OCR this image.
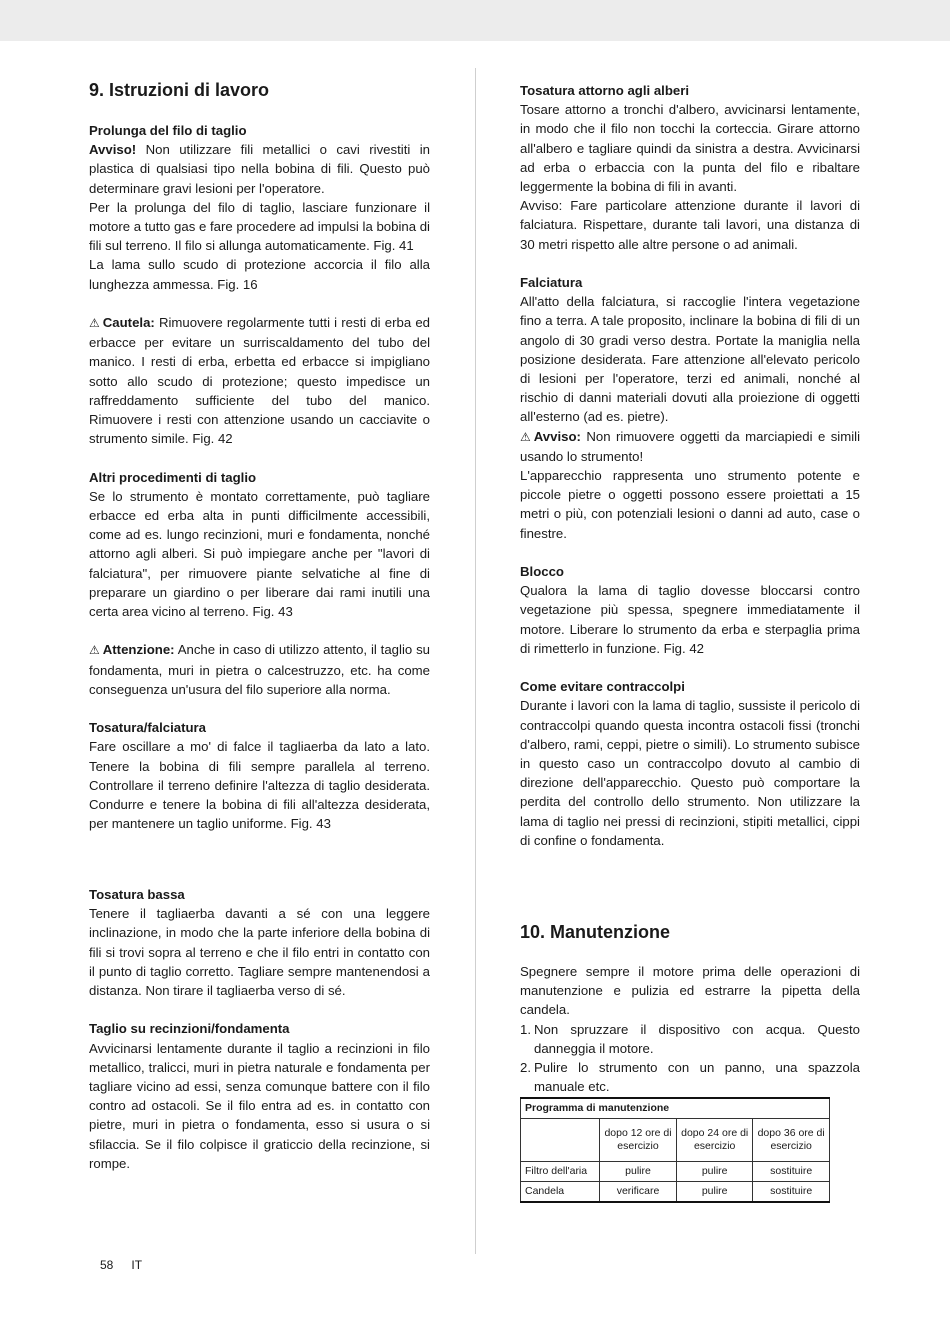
9. Istruzioni di lavoro

Prolunga del filo di taglio

Avviso! Non utilizzare fili metallici o cavi rivestiti in plastica di qualsiasi tipo nella bobina di fili. Questo può determinare gravi lesioni per l'operatore.

Per la prolunga del filo di taglio, lasciare funzionare il motore a tutto gas e fare procedere ad impulsi la bobina di fili sul terreno. Il filo si allunga automaticamente. Fig. 41

La lama sullo scudo di protezione accorcia il filo alla lunghezza ammessa. Fig. 16

⚠ Cautela: Rimuovere regolarmente tutti i resti di erba ed erbacce per evitare un surriscaldamento del tubo del manico. I resti di erba, erbetta ed erbacce si impigliano sotto allo scudo di protezione; questo impedisce un raffreddamento sufficiente del tubo del manico. Rimuovere i resti con attenzione usando un cacciavite o strumento simile. Fig. 42

Altri procedimenti di taglio

Se lo strumento è montato correttamente, può tagliare erbacce ed erba alta in punti difficilmente accessibili, come ad es. lungo recinzioni, muri e fondamenta, nonché attorno agli alberi. Si può impiegare anche per "lavori di falciatura", per rimuovere piante selvatiche al fine di preparare un giardino o per liberare dai rami inutili una certa area vicino al terreno. Fig. 43

⚠ Attenzione: Anche in caso di utilizzo attento, il taglio su fondamenta, muri in pietra o calcestruzzo, etc. ha come conseguenza un'usura del filo superiore alla norma.

Tosatura/falciatura

Fare oscillare a mo' di falce il tagliaerba da lato a lato. Tenere la bobina di fili sempre parallela al terreno. Controllare il terreno definire l'altezza di taglio desiderata. Condurre e tenere la bobina di fili all'altezza desiderata, per mantenere un taglio uniforme. Fig. 43

Tosatura bassa

Tenere il tagliaerba davanti a sé con una leggere inclinazione, in modo che la parte inferiore della bobina di fili si trovi sopra al terreno e che il filo entri in contatto con il punto di taglio corretto. Tagliare sempre mantenendosi a distanza. Non tirare il tagliaerba verso di sé.

Taglio su recinzioni/fondamenta

Avvicinarsi lentamente durante il taglio a recinzioni in filo metallico, tralicci, muri in pietra naturale e fondamenta per tagliare vicino ad essi, senza comunque battere con il filo contro ad ostacoli. Se il filo entra ad es. in contatto con pietre, muri in pietra o fondamenta, esso si usura o si sfilaccia. Se il filo colpisce il graticcio della recinzione, si rompe.

Tosatura attorno agli alberi

Tosare attorno a tronchi d'albero, avvicinarsi lentamente, in modo che il filo non tocchi la corteccia. Girare attorno all'albero e tagliare quindi da sinistra a destra. Avvicinarsi ad erba o erbaccia con la punta del filo e ribaltare leggermente la bobina di fili in avanti.

Avviso: Fare particolare attenzione durante il lavori di falciatura. Rispettare, durante tali lavori, una distanza di 30 metri rispetto alle altre persone o ad animali.

Falciatura

All'atto della falciatura, si raccoglie l'intera vegetazione fino a terra. A tale proposito, inclinare la bobina di fili di un angolo di 30 gradi verso destra. Portate la maniglia nella posizione desiderata. Fare attenzione all'elevato pericolo di lesioni per l'operatore, terzi ed animali, nonché al rischio di danni materiali dovuti alla proiezione di oggetti all'esterno (ad es. pietre).

⚠ Avviso: Non rimuovere oggetti da marciapiedi e simili usando lo strumento!

L'apparecchio rappresenta uno strumento potente e piccole pietre o oggetti possono essere proiettati a 15 metri o più, con potenziali lesioni o danni ad auto, case o finestre.

Blocco

Qualora la lama di taglio dovesse bloccarsi contro vegetazione più spessa, spegnere immediatamente il motore. Liberare lo strumento da erba e sterpaglia prima di rimetterlo in funzione. Fig. 42

Come evitare contraccolpi

Durante i lavori con la lama di taglio, sussiste il pericolo di contraccolpi quando questa incontra ostacoli fissi (tronchi d'albero, rami, ceppi, pietre o simili). Lo strumento subisce in questo caso un contraccolpo dovuto al cambio di direzione dell'apparecchio. Questo può comportare la perdita del controllo dello strumento. Non utilizzare la lama di taglio nei pressi di recinzioni, stipiti metallici, cippi di confine o fondamenta.

10. Manutenzione

Spegnere sempre il motore prima delle operazioni di manutenzione e pulizia ed estrarre la pipetta della candela.

1. Non spruzzare il dispositivo con acqua. Questo danneggia il motore.
2. Pulire lo strumento con un panno, una spazzola manuale etc.
Programma di manutenzione			
	dopo 12 ore di esercizio	dopo 24 ore di esercizio	dopo 36 ore di esercizio
Filtro dell'aria	pulire	pulire	sostituire
Candela	verificare	pulire	sostituire
58 IT
